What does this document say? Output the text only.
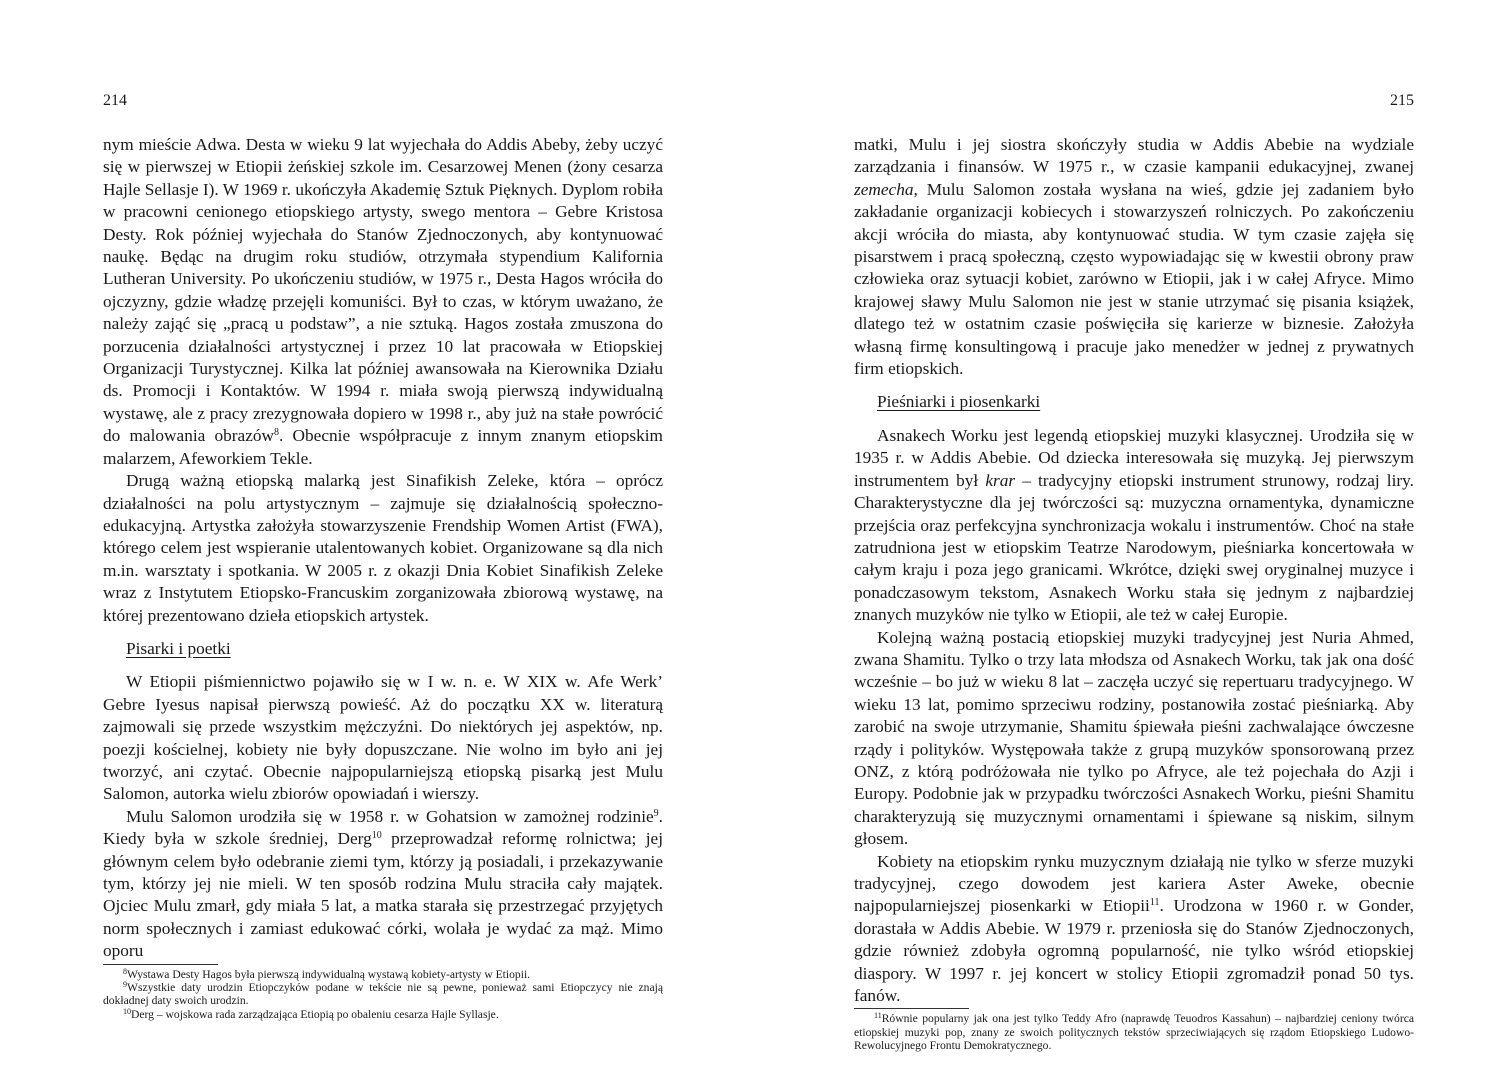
214

nym mieście Adwa. Desta w wieku 9 lat wyjechała do Addis Abeby, żeby uczyć się w pierwszej w Etiopii żeńskiej szkole im. Cesarzowej Menen (żony cesarza Hajle Sellasje I). W 1969 r. ukończyła Akademię Sztuk Pięknych. Dyplom robiła w pracowni cenionego etiopskiego artysty, swego mentora – Gebre Kristosa Desty. Rok później wyjechała do Stanów Zjednoczonych, aby kontynuować naukę. Będąc na drugim roku studiów, otrzymała stypendium Kalifornia Lutheran University. Po ukończeniu studiów, w 1975 r., Desta Hagos wróciła do ojczyzny, gdzie władzę przejęli komuniści. Był to czas, w którym uważano, że należy zająć się „pracą u podstaw”, a nie sztuką. Hagos została zmuszona do porzucenia działalności artystycznej i przez 10 lat pracowała w Etiopskiej Organizacji Turystycznej. Kilka lat później awansowała na Kierownika Działu ds. Promocji i Kontaktów. W 1994 r. miała swoją pierwszą indywidualną wystawę, ale z pracy zrezygnowała dopiero w 1998 r., aby już na stałe powrócić do malowania obrazów$^8$. Obecnie współpracuje z innym znanym etiopskim malarzem, Afeworkiem Tekle.

Drugą ważną etiopską malarką jest Sinafikish Zeleke, która – oprócz działalności na polu artystycznym – zajmuje się działalnością społeczno-edukacyjną. Artystka założyła stowarzyszenie Frendship Women Artist (FWA), którego celem jest wspieranie utalentowanych kobiet. Organizowane są dla nich m.in. warsztaty i spotkania. W 2005 r. z okazji Dnia Kobiet Sinafikish Zeleke wraz z Instytutem Etiopsko-Francuskim zorganizowała zbiorową wystawę, na której prezentowano dzieła etiopskich artystek.

Pisarki i poetki

W Etiopii piśmiennictwo pojawiło się w I w. n. e. W XIX w. Afe Werk’ Gebre Iyesus napisał pierwszą powieść. Aż do początku XX w. literaturą zajmowali się przede wszystkim mężczyźni. Do niektórych jej aspektów, np. poezji kościelnej, kobiety nie były dopuszczane. Nie wolno im było ani jej tworzyć, ani czytać. Obecnie najpopularniejszą etiopską pisarką jest Mulu Salomon, autorka wielu zbiorów opowiadań i wierszy.

Mulu Salomon urodziła się w 1958 r. w Gohatsion w zamożnej rodzinie$^9$. Kiedy była w szkole średniej, Derg$^{10}$ przeprowadzał reformę rolnictwa; jej głównym celem było odebranie ziemi tym, którzy ją posiadali, i przekazywanie tym, którzy jej nie mieli. W ten sposób rodzina Mulu straciła cały majątek. Ojciec Mulu zmarł, gdy miała 5 lat, a matka starała się przestrzegać przyjętych norm społecznych i zamiast edukować córki, wolała je wydać za mąż. Mimo oporu

$^8$Wystawa Desty Hagos była pierwszą indywidualną wystawą kobiety-artysty w Etiopii.

$^9$Wszystkie daty urodzin Etiopczyków podane w tekście nie są pewne, ponieważ sami Etiopczycy nie znają dokładnej daty swoich urodzin.

$^{10}$Derg – wojskowa rada zarządzająca Etiopią po obaleniu cesarza Hajle Syllasje.

215

matki, Mulu i jej siostra skończyły studia w Addis Abebie na wydziale zarządzania i finansów. W 1975 r., w czasie kampanii edukacyjnej, zwanej zemecha, Mulu Salomon została wysłana na wieś, gdzie jej zadaniem było zakładanie organizacji kobiecych i stowarzyszeń rolniczych. Po zakończeniu akcji wróciła do miasta, aby kontynuować studia. W tym czasie zajęła się pisarstwem i pracą społeczną, często wypowiadając się w kwestii obrony praw człowieka oraz sytuacji kobiet, zarówno w Etiopii, jak i w całej Afryce. Mimo krajowej sławy Mulu Salomon nie jest w stanie utrzymać się pisania książek, dlatego też w ostatnim czasie poświęciła się karierze w biznesie. Założyła własną firmę konsultingową i pracuje jako menedżer w jednej z prywatnych firm etiopskich.

Pieśniarki i piosenkarki

Asnakech Worku jest legendą etiopskiej muzyki klasycznej. Urodziła się w 1935 r. w Addis Abebie. Od dziecka interesowała się muzyką. Jej pierwszym instrumentem był krar – tradycyjny etiopski instrument strunowy, rodzaj liry. Charakterystyczne dla jej twórczości są: muzyczna ornamentyka, dynamiczne przejścia oraz perfekcyjna synchronizacja wokalu i instrumentów. Choć na stałe zatrudniona jest w etiopskim Teatrze Narodowym, pieśniarka koncertowała w całym kraju i poza jego granicami. Wkrótce, dzięki swej oryginalnej muzyce i ponadczasowym tekstom, Asnakech Worku stała się jednym z najbardziej znanych muzyków nie tylko w Etiopii, ale też w całej Europie.

Kolejną ważną postacią etiopskiej muzyki tradycyjnej jest Nuria Ahmed, zwana Shamitu. Tylko o trzy lata młodsza od Asnakech Worku, tak jak ona dość wcześnie – bo już w wieku 8 lat – zaczęła uczyć się repertuaru tradycyjnego. W wieku 13 lat, pomimo sprzeciwu rodziny, postanowiła zostać pieśniarką. Aby zarobić na swoje utrzymanie, Shamitu śpiewała pieśni zachwalające ówczesne rządy i polityków. Występowała także z grupą muzyków sponsorowaną przez ONZ, z którą podróżowała nie tylko po Afryce, ale też pojechała do Azji i Europy. Podobnie jak w przypadku twórczości Asnakech Worku, pieśni Shamitu charakteryzują się muzycznymi ornamentami i śpiewane są niskim, silnym głosem.

Kobiety na etiopskim rynku muzycznym działają nie tylko w sferze muzyki tradycyjnej, czego dowodem jest kariera Aster Aweke, obecnie najpopularniejszej piosenkarki w Etiopii$^{11}$. Urodzona w 1960 r. w Gonder, dorastała w Addis Abebie. W 1979 r. przeniosła się do Stanów Zjednoczonych, gdzie również zdobyła ogromną popularność, nie tylko wśród etiopskiej diaspory. W 1997 r. jej koncert w stolicy Etiopii zgromadził ponad 50 tys. fanów.

$^{11}$Równie popularny jak ona jest tylko Teddy Afro (naprawdę Teuodros Kassahun) – najbardziej ceniony twórca etiopskiej muzyki pop, znany ze swoich politycznych tekstów sprzeciwiających się rządom Etiopskiego Ludowo-Rewolucyjnego Frontu Demokratycznego.
